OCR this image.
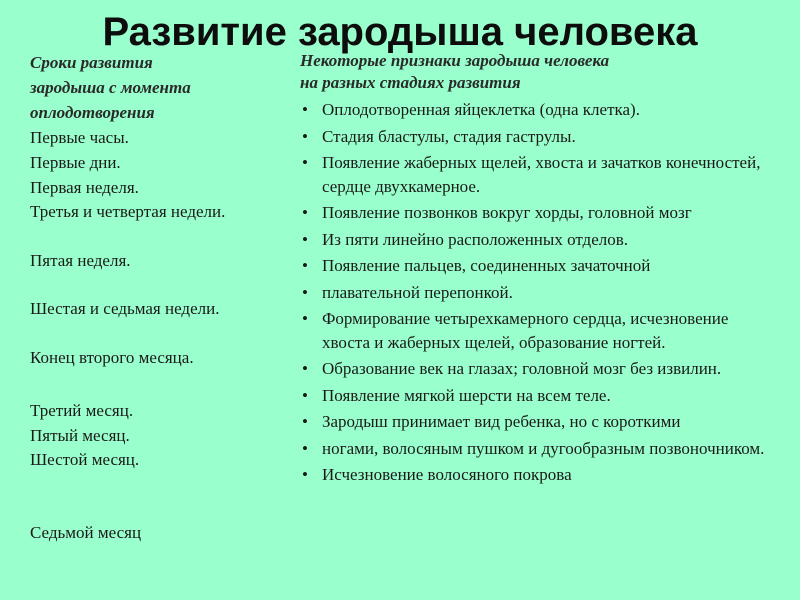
Развитие зародыша человека
Сроки развития
зародыша с момента
оплодотворения
Первые часы.
Первые дни.
Первая неделя.
Третья и четвертая недели.
Пятая неделя.
Шестая и седьмая недели.
Конец второго месяца.
Третий месяц.
Пятый месяц.
Шестой месяц.
Седьмой месяц
Некоторые признаки зародыша человека
на разных стадиях развития
• Оплодотворенная яйцеклетка (одна клетка).
• Стадия бластулы, стадия гаструлы.
• Появление жаберных щелей, хвоста и зачатков конечностей, сердце двухкамерное.
• Появление позвонков вокруг хорды, головной мозг
• Из пяти линейно расположенных отделов.
• Появление пальцев, соединенных зачаточной
• плавательной перепонкой.
• Формирование четырехкамерного сердца, исчезновение хвоста и жаберных щелей, образование ногтей.
• Образование век на глазах; головной мозг без извилин.
• Появление мягкой шерсти на всем теле.
• Зародыш принимает вид ребенка, но с короткими
• ногами, волосяным пушком и дугообразным позвоночником.
• Исчезновение волосяного покрова
